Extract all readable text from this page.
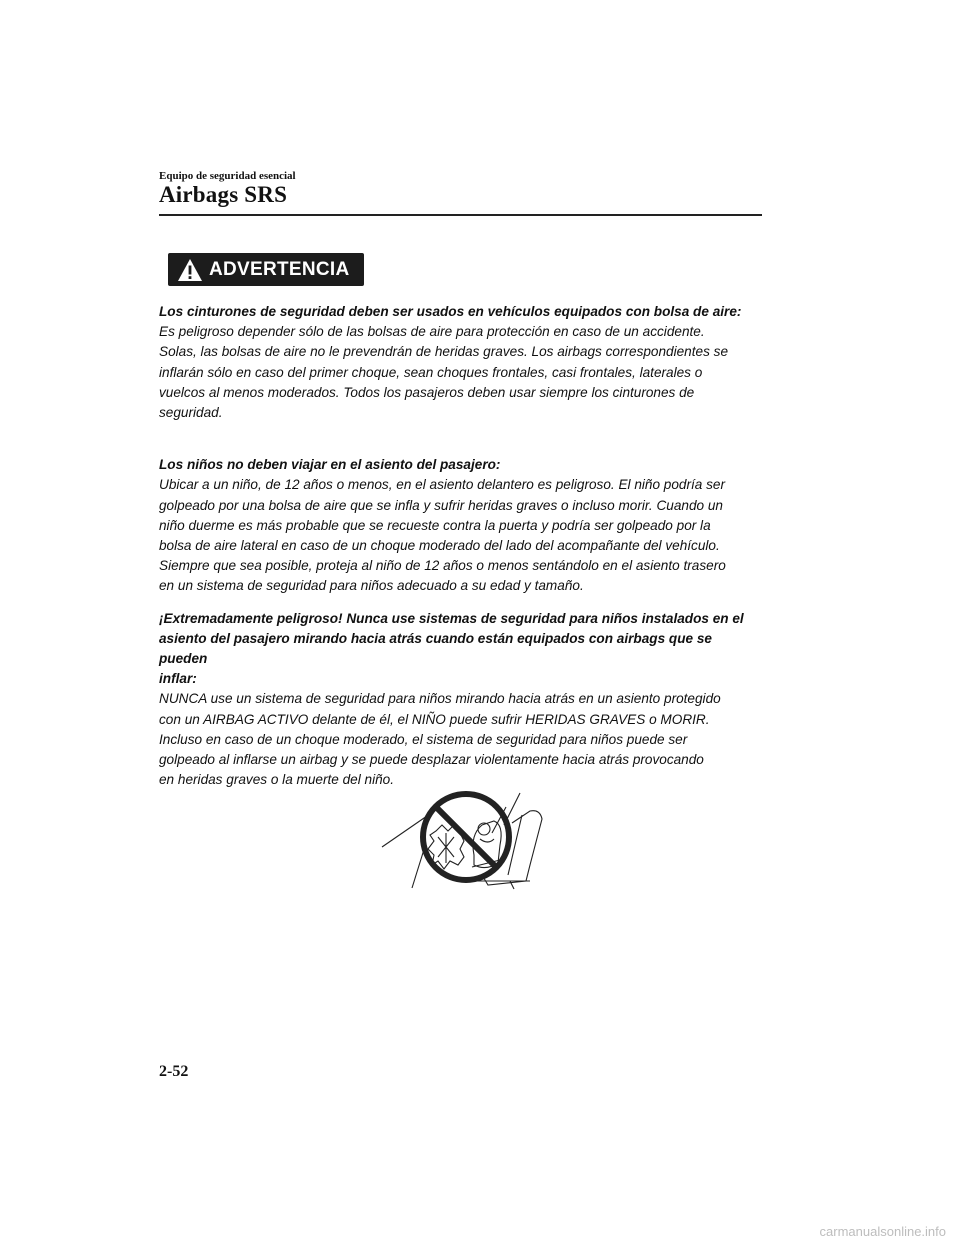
Equipo de seguridad esencial
Airbags SRS
ADVERTENCIA

Los cinturones de seguridad deben ser usados en vehículos equipados con bolsa de aire:

Es peligroso depender sólo de las bolsas de aire para protección en caso de un accidente.

Solas, las bolsas de aire no le prevendrán de heridas graves. Los airbags correspondientes se

inflarán sólo en caso del primer choque, sean choques frontales, casi frontales, laterales o

vuelcos al menos moderados. Todos los pasajeros deben usar siempre los cinturones de

seguridad.

Los niños no deben viajar en el asiento del pasajero:

Ubicar a un niño, de 12 años o menos, en el asiento delantero es peligroso. El niño podría ser

golpeado por una bolsa de aire que se infla y sufrir heridas graves o incluso morir. Cuando un

niño duerme es más probable que se recueste contra la puerta y podría ser golpeado por la

bolsa de aire lateral en caso de un choque moderado del lado del acompañante del vehículo.

Siempre que sea posible, proteja al niño de 12 años o menos sentándolo en el asiento trasero

en un sistema de seguridad para niños adecuado a su edad y tamaño.

¡Extremadamente peligroso! Nunca use sistemas de seguridad para niños instalados en el

asiento del pasajero mirando hacia atrás cuando están equipados con airbags que se pueden

inflar:

NUNCA use un sistema de seguridad para niños mirando hacia atrás en un asiento protegido

con un AIRBAG ACTIVO delante de él, el NIÑO puede sufrir HERIDAS GRAVES o MORIR.

Incluso en caso de un choque moderado, el sistema de seguridad para niños puede ser

golpeado al inflarse un airbag y se puede desplazar violentamente hacia atrás provocando

en heridas graves o la muerte del niño.

2-52
carmanualsonline.info
